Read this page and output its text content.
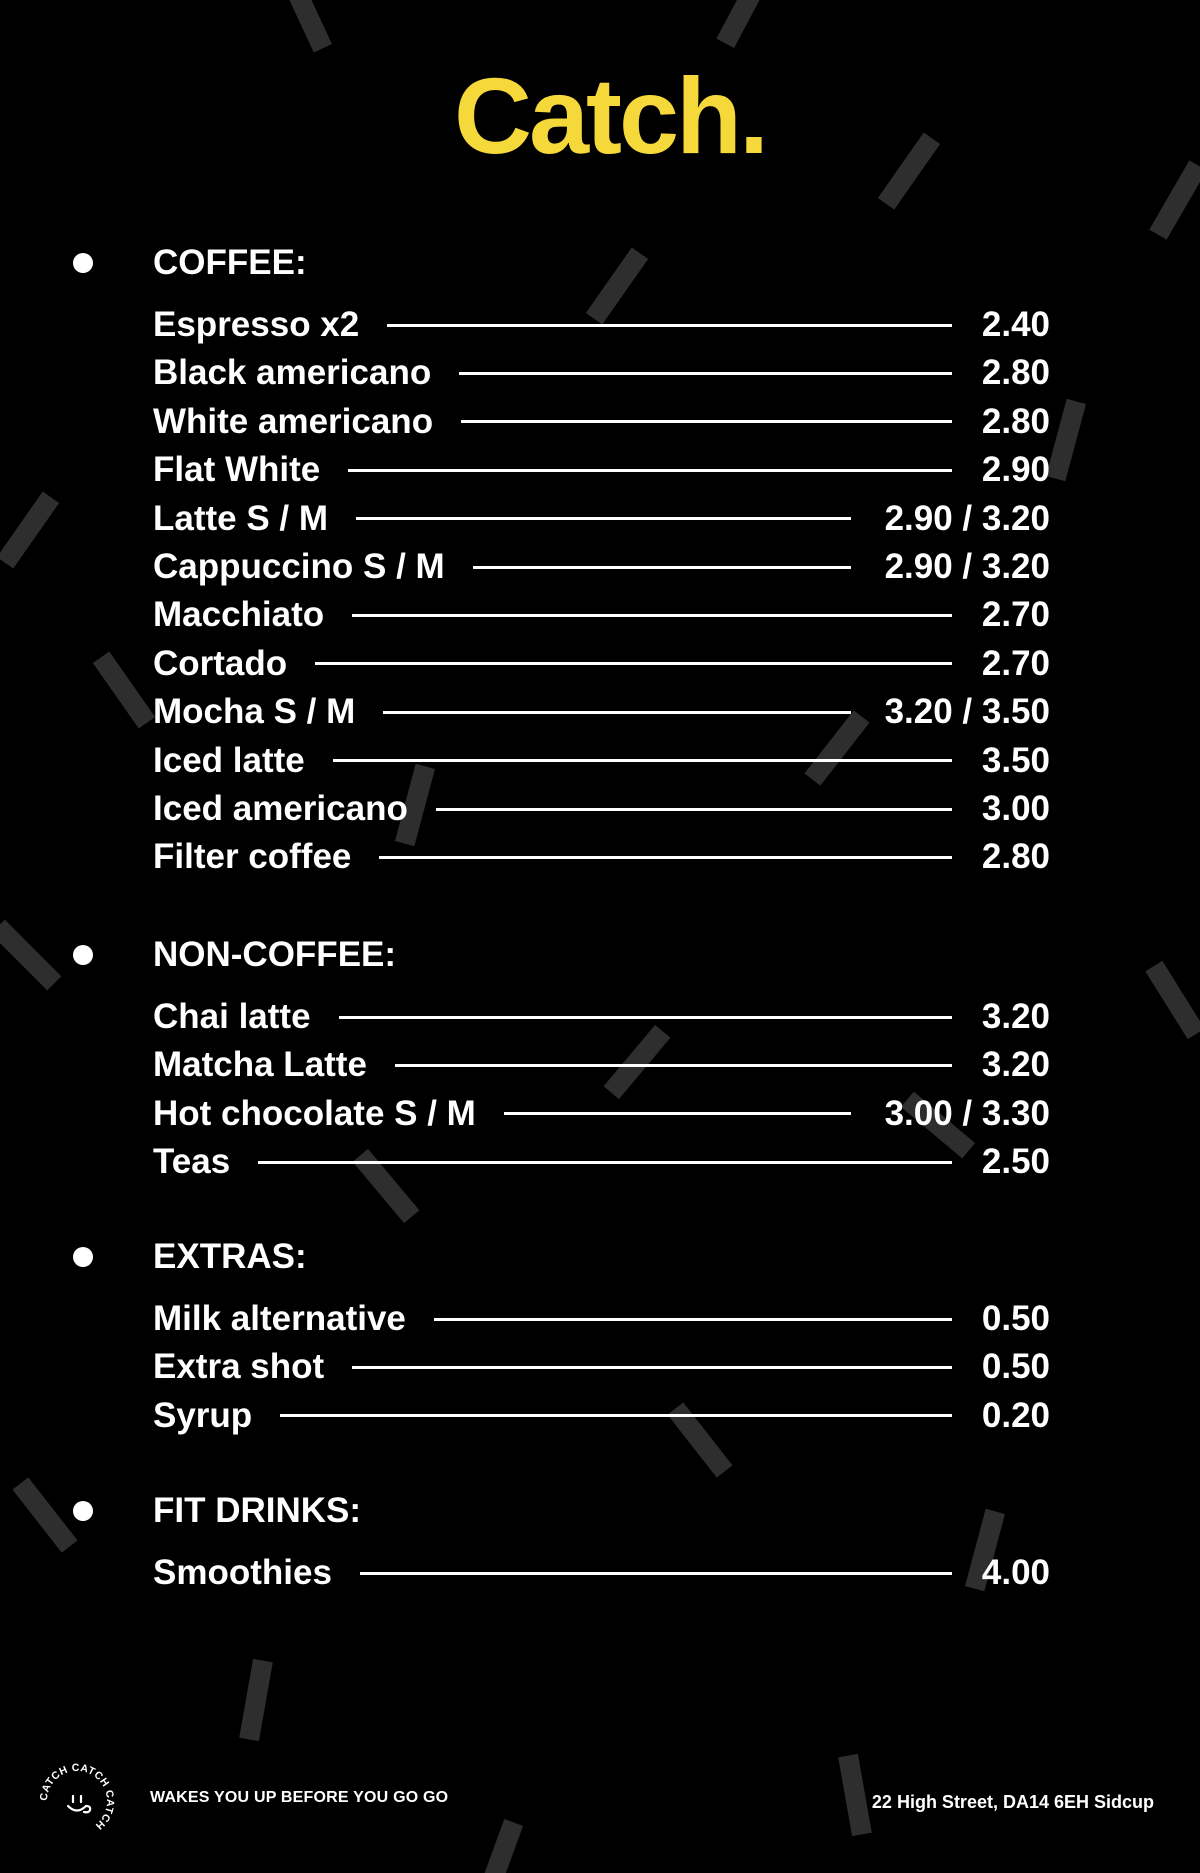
Catch.
COFFEE:
Espresso x2	2.40
Black americano	2.80
White americano	2.80
Flat White	2.90
Latte S / M	2.90 / 3.20
Cappuccino S / M	2.90 / 3.20
Macchiato	2.70
Cortado	2.70
Mocha S / M	3.20 / 3.50
Iced latte	3.50
Iced americano	3.00
Filter coffee	2.80
NON-COFFEE:
Chai latte	3.20
Matcha Latte	3.20
Hot chocolate S / M	3.00 / 3.30
Teas	2.50
EXTRAS:
Milk alternative	0.50
Extra shot	0.50
Syrup	0.20
FIT DRINKS:
Smoothies	4.00
CATCH CATCH CATCH
WAKES YOU UP BEFORE YOU GO GO	22 High Street, DA14 6EH Sidcup
